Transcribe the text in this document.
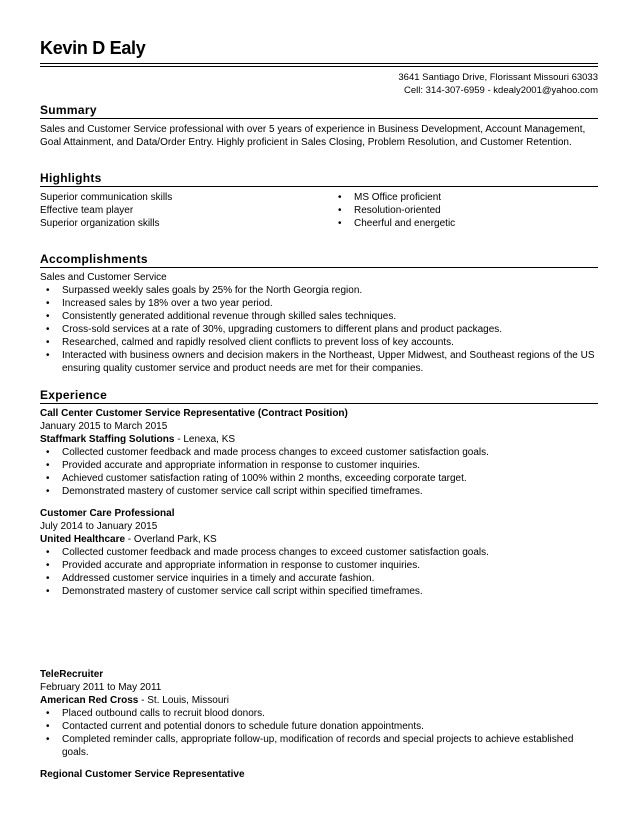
Kevin D Ealy
3641 Santiago Drive, Florissant Missouri 63033
Cell: 314-307-6959 - kdealy2001@yahoo.com
Summary
Sales and Customer Service professional with over 5 years of experience in Business Development, Account Management, Goal Attainment, and Data/Order Entry. Highly proficient in Sales Closing, Problem Resolution, and Customer Retention.
Highlights
Superior communication skills
Effective team player
Superior organization skills
• MS Office proficient
• Resolution-oriented
• Cheerful and energetic
Accomplishments
Sales and Customer Service
• Surpassed weekly sales goals by 25% for the North Georgia region.
• Increased sales by 18% over a two year period.
• Consistently generated additional revenue through skilled sales techniques.
• Cross-sold services at a rate of 30%, upgrading customers to different plans and product packages.
• Researched, calmed and rapidly resolved client conflicts to prevent loss of key accounts.
• Interacted with business owners and decision makers in the Northeast, Upper Midwest, and Southeast regions of the US ensuring quality customer service and product needs are met for their companies.
Experience
Call Center Customer Service Representative (Contract Position)
January 2015 to March 2015
Staffmark Staffing Solutions - Lenexa, KS
• Collected customer feedback and made process changes to exceed customer satisfaction goals.
• Provided accurate and appropriate information in response to customer inquiries.
• Achieved customer satisfaction rating of 100% within 2 months, exceeding corporate target.
• Demonstrated mastery of customer service call script within specified timeframes.
Customer Care Professional
July 2014 to January 2015
United Healthcare - Overland Park, KS
• Collected customer feedback and made process changes to exceed customer satisfaction goals.
• Provided accurate and appropriate information in response to customer inquiries.
• Addressed customer service inquiries in a timely and accurate fashion.
• Demonstrated mastery of customer service call script within specified timeframes.
TeleRecruiter
February 2011 to May 2011
American Red Cross - St. Louis, Missouri
• Placed outbound calls to recruit blood donors.
• Contacted current and potential donors to schedule future donation appointments.
• Completed reminder calls, appropriate follow-up, modification of records and special projects to achieve established goals.
Regional Customer Service Representative
